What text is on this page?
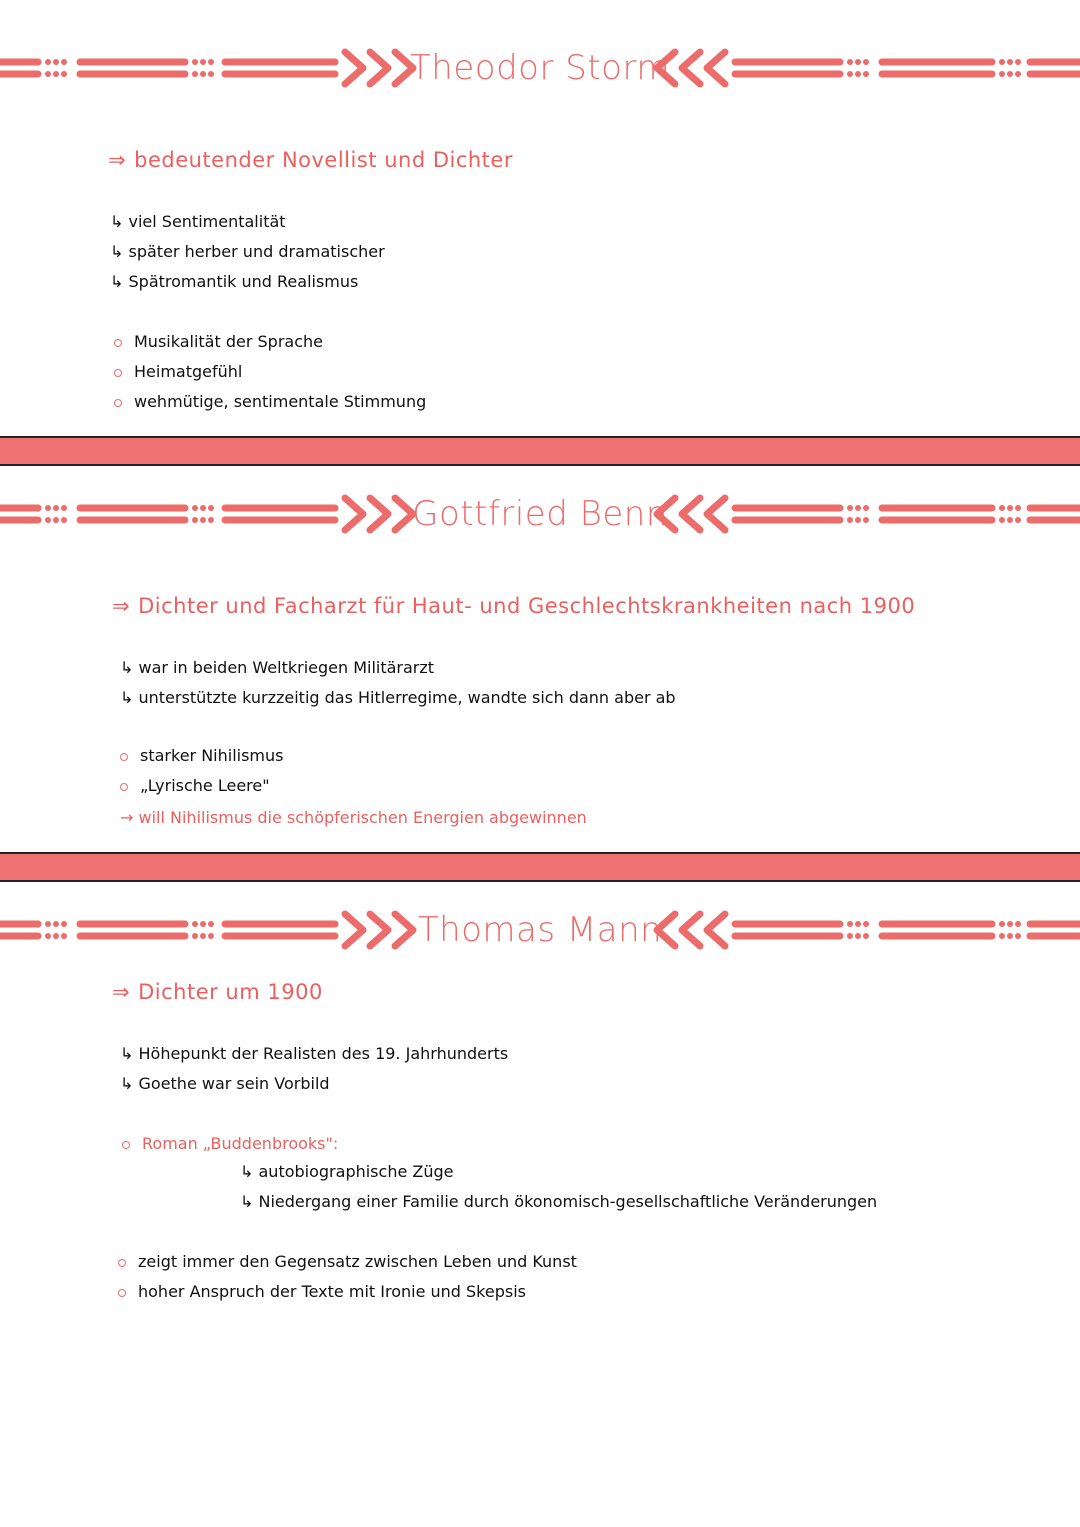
Theodor Storm
⇒ bedeutender Novellist und Dichter
↳ viel Sentimentalität
↳ später herber und dramatischer
↳ Spätromantik und Realismus
Musikalität der Sprache
Heimatgefühl
wehmütige, sentimentale Stimmung
Gottfried Benn
⇒ Dichter und Facharzt für Haut- und Geschlechtskrankheiten nach 1900
↳ war in beiden Weltkriegen Militärarzt
↳ unterstützte kurzzeitig das Hitlerregime, wandte sich dann aber ab
starker Nihilismus
„Lyrische Leere"
→ will Nihilismus die schöpferischen Energien abgewinnen
Thomas Mann
⇒ Dichter um 1900
↳ Höhepunkt der Realisten des 19. Jahrhunderts
↳ Goethe war sein Vorbild
Roman „Buddenbrooks":
↳ autobiographische Züge
↳ Niedergang einer Familie durch ökonomisch-gesellschaftliche Veränderungen
zeigt immer den Gegensatz zwischen Leben und Kunst
hoher Anspruch der Texte mit Ironie und Skepsis
